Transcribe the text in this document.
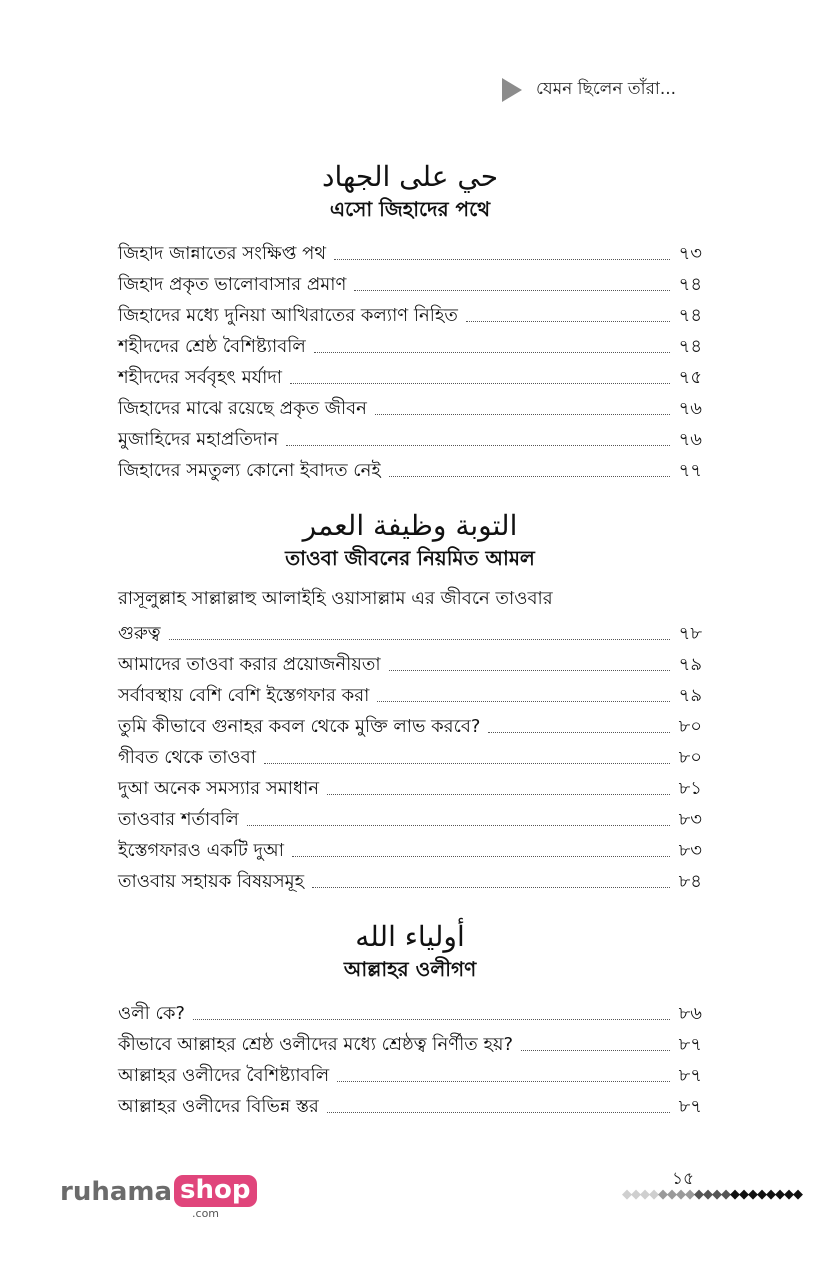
যেমন ছিলেন তাঁরা...
حي على الجهاد
এসো জিহাদের পথে
জিহাদ জান্নাতের সংক্ষিপ্ত পথ	৭৩
জিহাদ প্রকৃত ভালোবাসার প্রমাণ	৭৪
জিহাদের মধ্যে দুনিয়া আখিরাতের কল্যাণ নিহিত	৭৪
শহীদদের শ্রেষ্ঠ বৈশিষ্ট্যাবলি	৭৪
শহীদদের সর্ববৃহৎ মর্যাদা	৭৫
জিহাদের মাঝে রয়েছে প্রকৃত জীবন	৭৬
মুজাহিদের মহাপ্রতিদান	৭৬
জিহাদের সমতুল্য কোনো ইবাদত নেই	৭৭
التوبة وظيفة العمر
তাওবা জীবনের নিয়মিত আমল
রাসূলুল্লাহ সাল্লাল্লাহু আলাইহি ওয়াসাল্লাম এর জীবনে তাওবার
গুরুত্ব	৭৮
আমাদের তাওবা করার প্রয়োজনীয়তা	৭৯
সর্বাবস্থায় বেশি বেশি ইস্তেগফার করা	৭৯
তুমি কীভাবে গুনাহর কবল থেকে মুক্তি লাভ করবে?	৮০
গীবত থেকে তাওবা	৮০
দুআ অনেক সমস্যার সমাধান	৮১
তাওবার শর্তাবলি	৮৩
ইস্তেগফারও একটি দুআ	৮৩
তাওবায় সহায়ক বিষয়সমূহ	৮৪
أولياء الله
আল্লাহর ওলীগণ
ওলী কে?	৮৬
কীভাবে আল্লাহর শ্রেষ্ঠ ওলীদের মধ্যে শ্রেষ্ঠত্ব নির্ণীত হয়?	৮৭
আল্লাহর ওলীদের বৈশিষ্ট্যাবলি	৮৭
আল্লাহর ওলীদের বিভিন্ন স্তর	৮৭
ruhama shop
.com
১৫
◆◆◆◆◆◆◆◆◆◆◆◆◆◆◆◆◆◆◆◆
